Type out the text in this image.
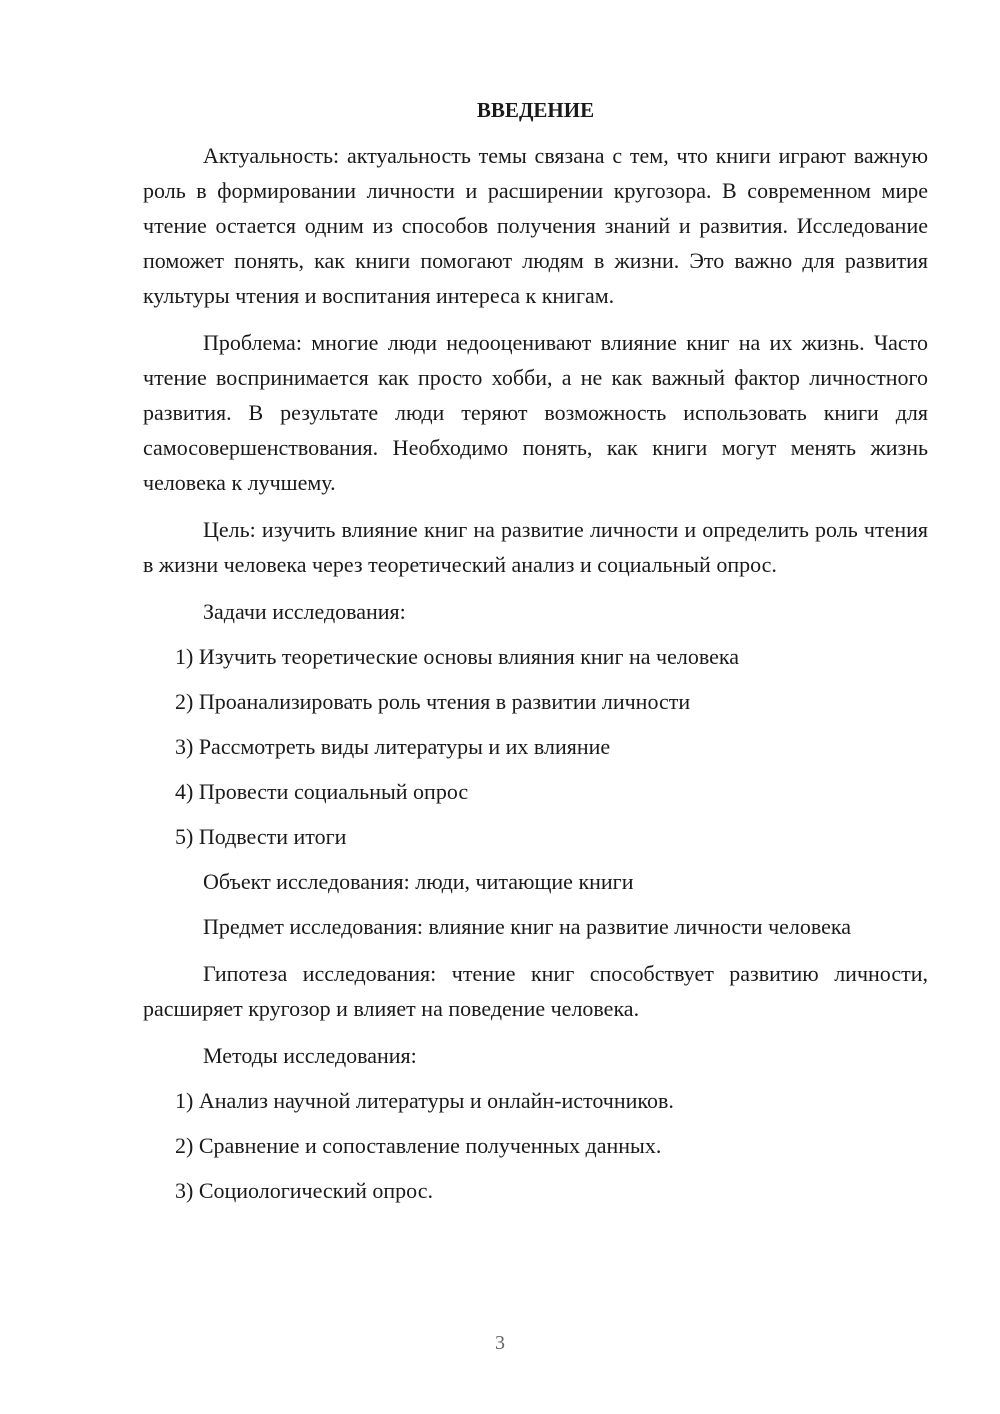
ВВЕДЕНИЕ

Актуальность: актуальность темы связана с тем, что книги играют важную роль в формировании личности и расширении кругозора. В современном мире чтение остается одним из способов получения знаний и развития. Исследование поможет понять, как книги помогают людям в жизни. Это важно для развития культуры чтения и воспитания интереса к книгам.

Проблема: многие люди недооценивают влияние книг на их жизнь. Часто чтение воспринимается как просто хобби, а не как важный фактор личностного развития. В результате люди теряют возможность использовать книги для самосовершенствования. Необходимо понять, как книги могут менять жизнь человека к лучшему.

Цель: изучить влияние книг на развитие личности и определить роль чтения в жизни человека через теоретический анализ и социальный опрос.

Задачи исследования:
1) Изучить теоретические основы влияния книг на человека
2) Проанализировать роль чтения в развитии личности
3) Рассмотреть виды литературы и их влияние
4) Провести социальный опрос
5) Подвести итоги
Объект исследования: люди, читающие книги

Предмет исследования: влияние книг на развитие личности человека

Гипотеза исследования: чтение книг способствует развитию личности, расширяет кругозор и влияет на поведение человека.

Методы исследования:
1) Анализ научной литературы и онлайн-источников.
2) Сравнение и сопоставление полученных данных.
3) Социологический опрос.
3
